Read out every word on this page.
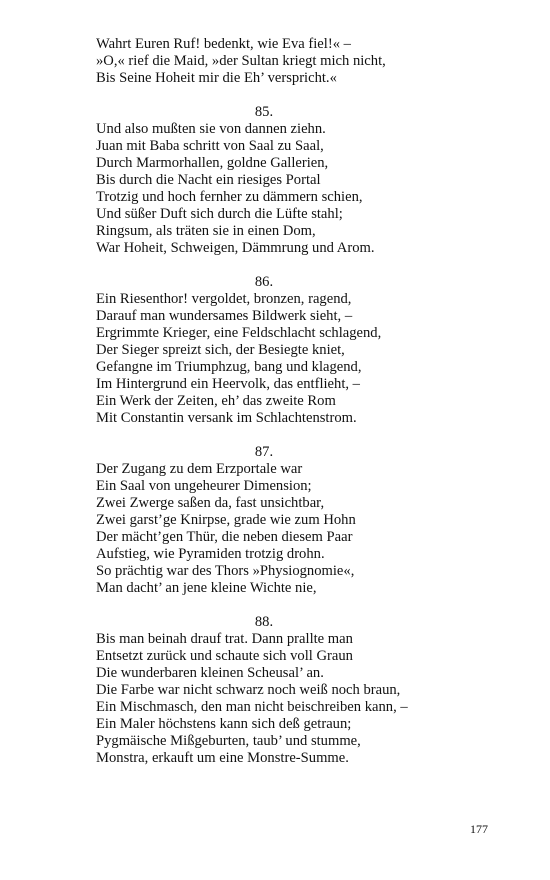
Wahrt Euren Ruf! bedenkt, wie Eva fiel!« –
»O,« rief die Maid, »der Sultan kriegt mich nicht,
Bis Seine Hoheit mir die Eh’ verspricht.«
85.
Und also mußten sie von dannen ziehn.
Juan mit Baba schritt von Saal zu Saal,
Durch Marmorhallen, goldne Gallerien,
Bis durch die Nacht ein riesiges Portal
Trotzig und hoch fernher zu dämmern schien,
Und süßer Duft sich durch die Lüfte stahl;
Ringsum, als träten sie in einen Dom,
War Hoheit, Schweigen, Dämmrung und Arom.
86.
Ein Riesenthor! vergoldet, bronzen, ragend,
Darauf man wundersames Bildwerk sieht, –
Ergrimmte Krieger, eine Feldschlacht schlagend,
Der Sieger spreizt sich, der Besiegte kniet,
Gefangne im Triumphzug, bang und klagend,
Im Hintergrund ein Heervolk, das entflieht, –
Ein Werk der Zeiten, eh’ das zweite Rom
Mit Constantin versank im Schlachtenstrom.
87.
Der Zugang zu dem Erzportale war
Ein Saal von ungeheurer Dimension;
Zwei Zwerge saßen da, fast unsichtbar,
Zwei garst’ge Knirpse, grade wie zum Hohn
Der mächt’gen Thür, die neben diesem Paar
Aufstieg, wie Pyramiden trotzig drohn.
So prächtig war des Thors »Physiognomie«,
Man dacht’ an jene kleine Wichte nie,
88.
Bis man beinah drauf trat. Dann prallte man
Entsetzt zurück und schaute sich voll Graun
Die wunderbaren kleinen Scheusal’ an.
Die Farbe war nicht schwarz noch weiß noch braun,
Ein Mischmasch, den man nicht beischreiben kann, –
Ein Maler höchstens kann sich deß getraun;
Pygmäische Mißgeburten, taub’ und stumme,
Monstra, erkauft um eine Monstre-Summe.
177
